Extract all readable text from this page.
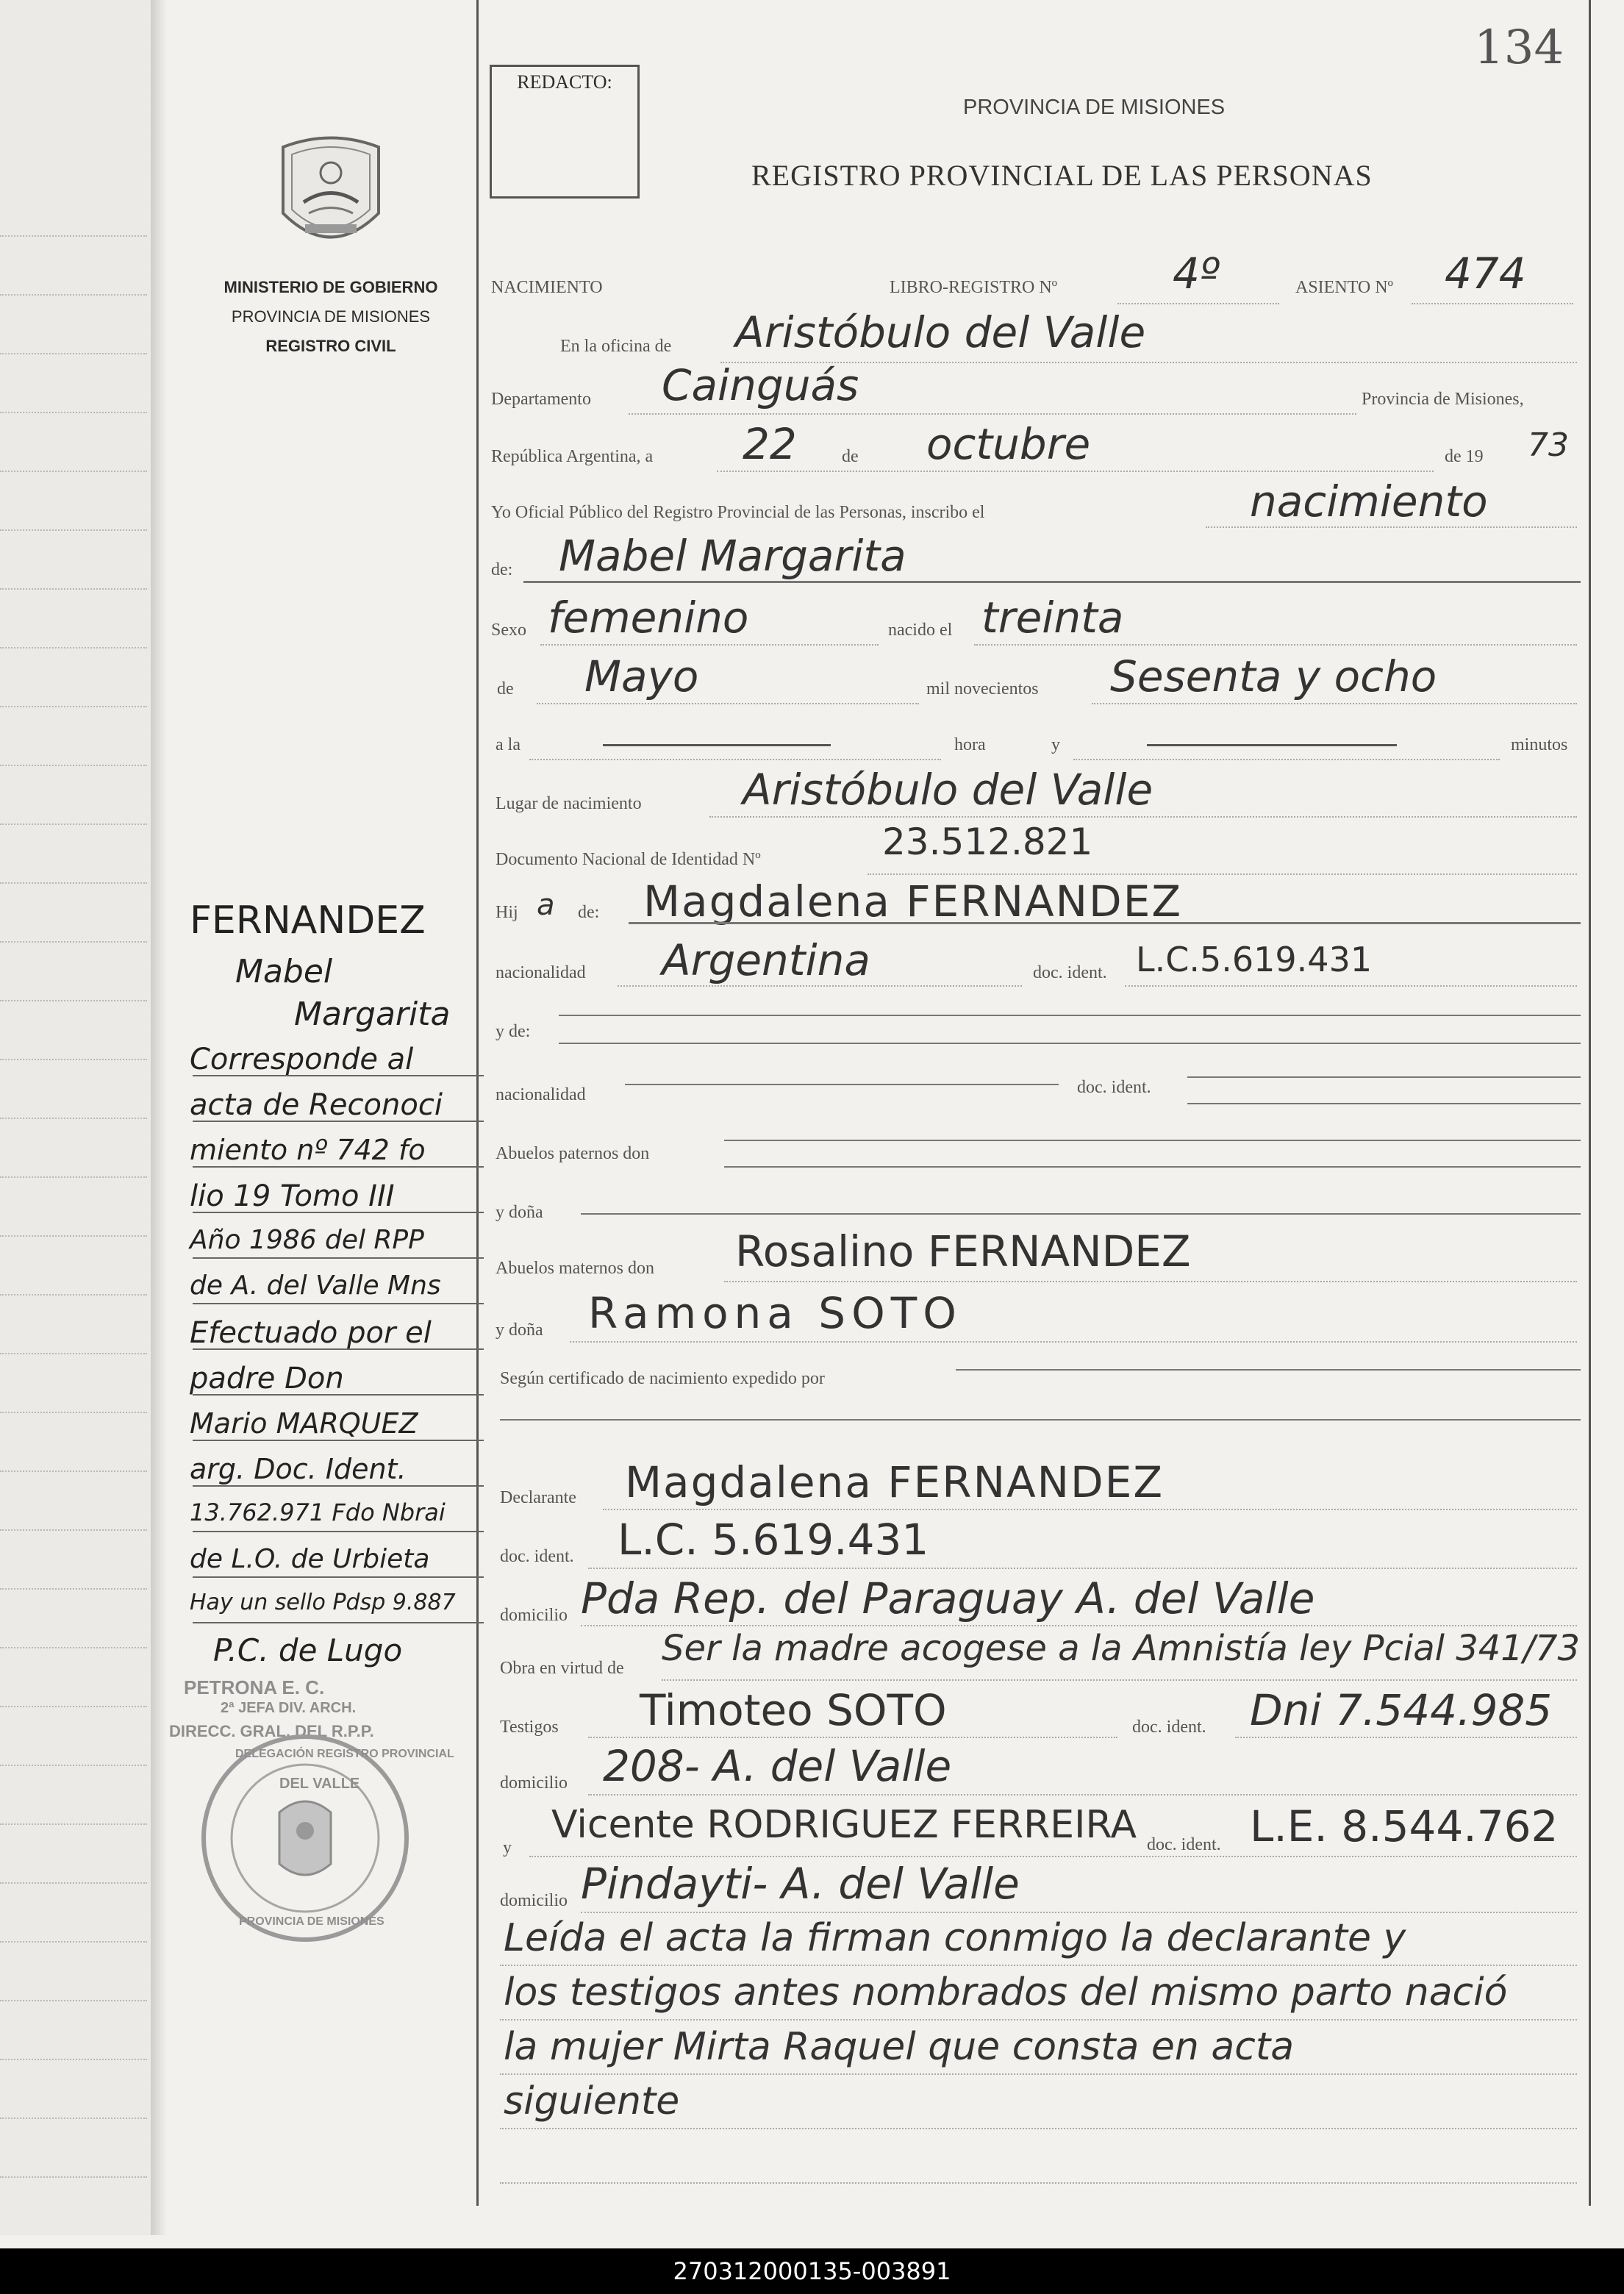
REDACTO:
134
PROVINCIA DE MISIONES
REGISTRO PROVINCIAL DE LAS PERSONAS
MINISTERIO DE GOBIERNO
PROVINCIA DE MISIONES
REGISTRO CIVIL
NACIMIENTO	LIBRO-REGISTRO Nº	4º	ASIENTO Nº 474
En la oficina de Aristóbulo del Valle
Departamento Cainguás	Provincia de Misiones,
República Argentina, a 22	de octubre	de 19 73
Yo Oficial Público del Registro Provincial de las Personas, inscribo el	nacimiento
de: Mabel Margarita
Sexo femenino	nacido el treinta
de Mayo	mil novecientos Sesenta y ocho
a la	hora	y	minutos
Lugar de nacimiento Aristóbulo del Valle
Documento Nacional de Identidad Nº	23.512.821
Hij a de: Magdalena FERNANDEZ
nacionalidad Argentina	doc. ident. L.C.5.619.431
y de:
nacionalidad	doc. ident.
Abuelos paternos don
y doña
Abuelos maternos don Rosalino FERNANDEZ
y doña Ramona SOTO
Según certificado de nacimiento expedido por
Declarante Magdalena FERNANDEZ
doc. ident. L.C. 5.619.431
domicilio Pda Rep. del Paraguay A. del Valle
Obra en virtud de Ser la madre acogese a la Amnistía ley Pcial 341/73
Testigos Timoteo SOTO	doc. ident. Dni 7.544.985
domicilio 208- A. del Valle
y
Vicente RODRIGUEZ FERREIRA doc. ident. L.E. 8.544.762
domicilio Pindayti- A. del Valle
Leída el acta la firman conmigo la declarante y
los testigos antes nombrados del mismo parto nació
la mujer Mirta Raquel que consta en acta
siguiente
FERNANDEZ
Mabel
Margarita
Corresponde al
acta de Reconoci
miento nº 742 fo
lio 19 Tomo III
Año 1986 del RPP
de A. del Valle Mns
Efectuado por el
padre Don
Mario MARQUEZ
arg. Doc. Ident.
13.762.971 Fdo Nbrai
de L.O. de Urbieta
Hay un sello Pdsp 9.887
P.C. de Lugo
PETRONA E. C.
2ª JEFA DIV. ARCH.
DIRECC. GRAL. DEL R.P.P.
DELEGACIÓN REGISTRO PROVINCIAL
DEL VALLE
PROVINCIA DE MISIONES
270312000135-003891
